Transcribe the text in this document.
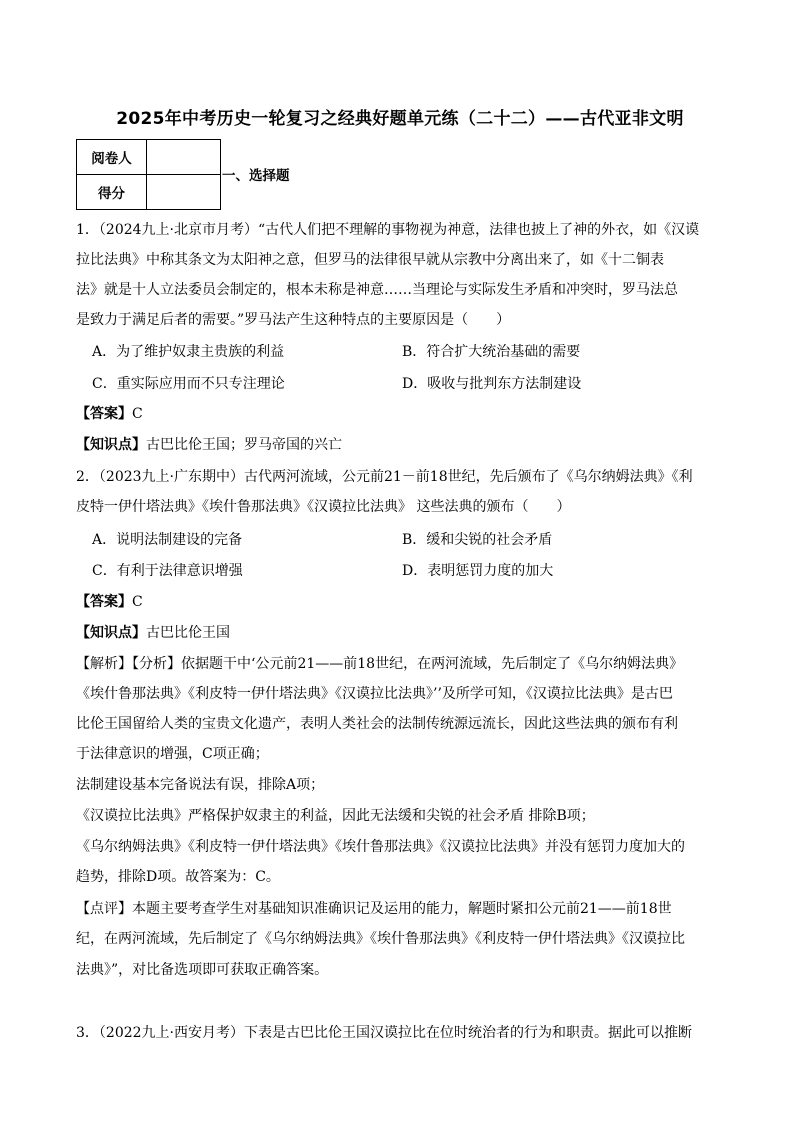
2025年中考历史一轮复习之经典好题单元练（二十二）——古代亚非文明
阅卷人	
得分	
一、选择题
1．（2024九上·北京市月考）“古代人们把不理解的事物视为神意，法律也披上了神的外衣，如《汉谟
拉比法典》中称其条文为太阳神之意，但罗马的法律很早就从宗教中分离出来了，如《十二铜表
法》就是十人立法委员会制定的，根本未称是神意……当理论与实际发生矛盾和冲突时，罗马法总
是致力于满足后者的需要。”罗马法产生这种特点的主要原因是（　　）
A．为了维护奴隶主贵族的利益	B．符合扩大统治基础的需要
C．重实际应用而不只专注理论	D．吸收与批判东方法制建设
【答案】C
【知识点】古巴比伦王国；罗马帝国的兴亡
2．（2023九上·广东期中）古代两河流域，公元前21－前18世纪，先后颁布了《乌尔纳姆法典》《利
皮特一伊什塔法典》《埃什鲁那法典》《汉谟拉比法典》 这些法典的颁布（　　）
A．说明法制建设的完备	B．缓和尖锐的社会矛盾
C．有利于法律意识增强	D．表明惩罚力度的加大
【答案】C
【知识点】古巴比伦王国
【解析】【分析】依据题干中‘公元前21——前18世纪，在两河流域，先后制定了《乌尔纳姆法典》
《埃什鲁那法典》《利皮特一伊什塔法典》《汉谟拉比法典》’’及所学可知，《汉谟拉比法典》是古巴
比伦王国留给人类的宝贵文化遗产，表明人类社会的法制传统源远流长，因此这些法典的颁布有利
于法律意识的增强，C项正确；
法制建设基本完备说法有误，排除A项；
《汉谟拉比法典》严格保护奴隶主的利益，因此无法缓和尖锐的社会矛盾 排除B项；
《乌尔纳姆法典》《利皮特一伊什塔法典》《埃什鲁那法典》《汉谟拉比法典》并没有惩罚力度加大的
趋势，排除D项。故答案为：C。
【点评】本题主要考查学生对基础知识准确识记及运用的能力，解题时紧扣公元前21——前18世
纪，在两河流域，先后制定了《乌尔纳姆法典》《埃什鲁那法典》《利皮特一伊什塔法典》《汉谟拉比
法典》”，对比备选项即可获取正确答案。
3．（2022九上·西安月考）下表是古巴比伦王国汉谟拉比在位时统治者的行为和职责。据此可以推断
